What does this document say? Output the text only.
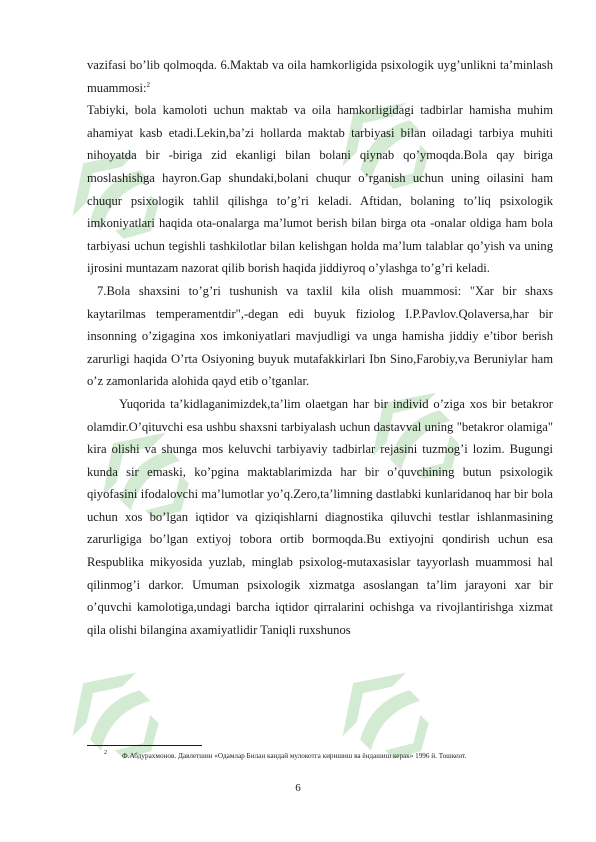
vazifasi bo’lib qolmoqda. 6.Maktab va oila hamkorligida psixologik uyg’unlikni ta’minlash muammosi:$^2$

Tabiyki, bola kamoloti uchun maktab va oila hamkorligidagi tadbirlar hamisha muhim ahamiyat kasb etadi.Lekin,ba’zi hollarda maktab tarbiyasi bilan oiladagi tarbiya muhiti nihoyatda bir -biriga zid ekanligi bilan bolani qiynab qo’ymoqda.Bola qay biriga moslashishga hayron.Gap shundaki,bolani chuqur o’rganish uchun uning oilasini ham chuqur psixologik tahlil qilishga to’g’ri keladi. Aftidan, bolaning to’liq psixologik imkoniyatlari haqida ota-onalarga ma’lumot berish bilan birga ota -onalar oldiga ham bola tarbiyasi uchun tegishli tashkilotlar bilan kelishgan holda ma’lum talablar qo’yish va uning ijrosini muntazam nazorat qilib borish haqida jiddiyroq o’ylashga to’g’ri keladi.

7.Bola shaxsini to’g’ri tushunish va taxlil kila olish muammosi: "Xar bir shaxs kaytarilmas temperamentdir",-degan edi buyuk fiziolog I.P.Pavlov.Qolaversa,har bir insonning o’zigagina xos imkoniyatlari mavjudligi va unga hamisha jiddiy e’tibor berish zarurligi haqida O’rta Osiyoning buyuk mutafakkirlari Ibn Sino,Farobiy,va Beruniylar ham o’z zamonlarida alohida qayd etib o’tganlar.

Yuqorida ta’kidlaganimizdek,ta’lim olaetgan har bir individ o’ziga xos bir betakror olamdir.O’qituvchi esa ushbu shaxsni tarbiyalash uchun dastavval uning "betakror olamiga" kira olishi va shunga mos keluvchi tarbiyaviy tadbirlar rejasini tuzmog’i lozim. Bugungi kunda sir emaski, ko’pgina maktablarimizda har bir o’quvchining butun psixologik qiyofasini ifodalovchi ma’lumotlar yo’q.Zero,ta’limning dastlabki kunlaridanoq har bir bola uchun xos bo’lgan iqtidor va qiziqishlarni diagnostika qiluvchi testlar ishlanmasining zarurligiga bo’lgan extiyoj tobora ortib bormoqda.Bu extiyojni qondirish uchun esa Respublika mikyosida yuzlab, minglab psixolog-mutaxasislar tayyorlash muammosi hal qilinmog’i darkor. Umuman psixologik xizmatga asoslangan ta’lim jarayoni xar bir o’quvchi kamolotiga,undagi barcha iqtidor qirralarini ochishga va rivojlantirishga xizmat qila olishi bilangina axamiyatlidir Taniqli ruxshunos

$^2$ Ф.Абдурахмонов. Давлетшин «Одамлар Билан кандай мулокотга киришиш ва ёндашиш керак» 1996 й. Тошкент.
6
